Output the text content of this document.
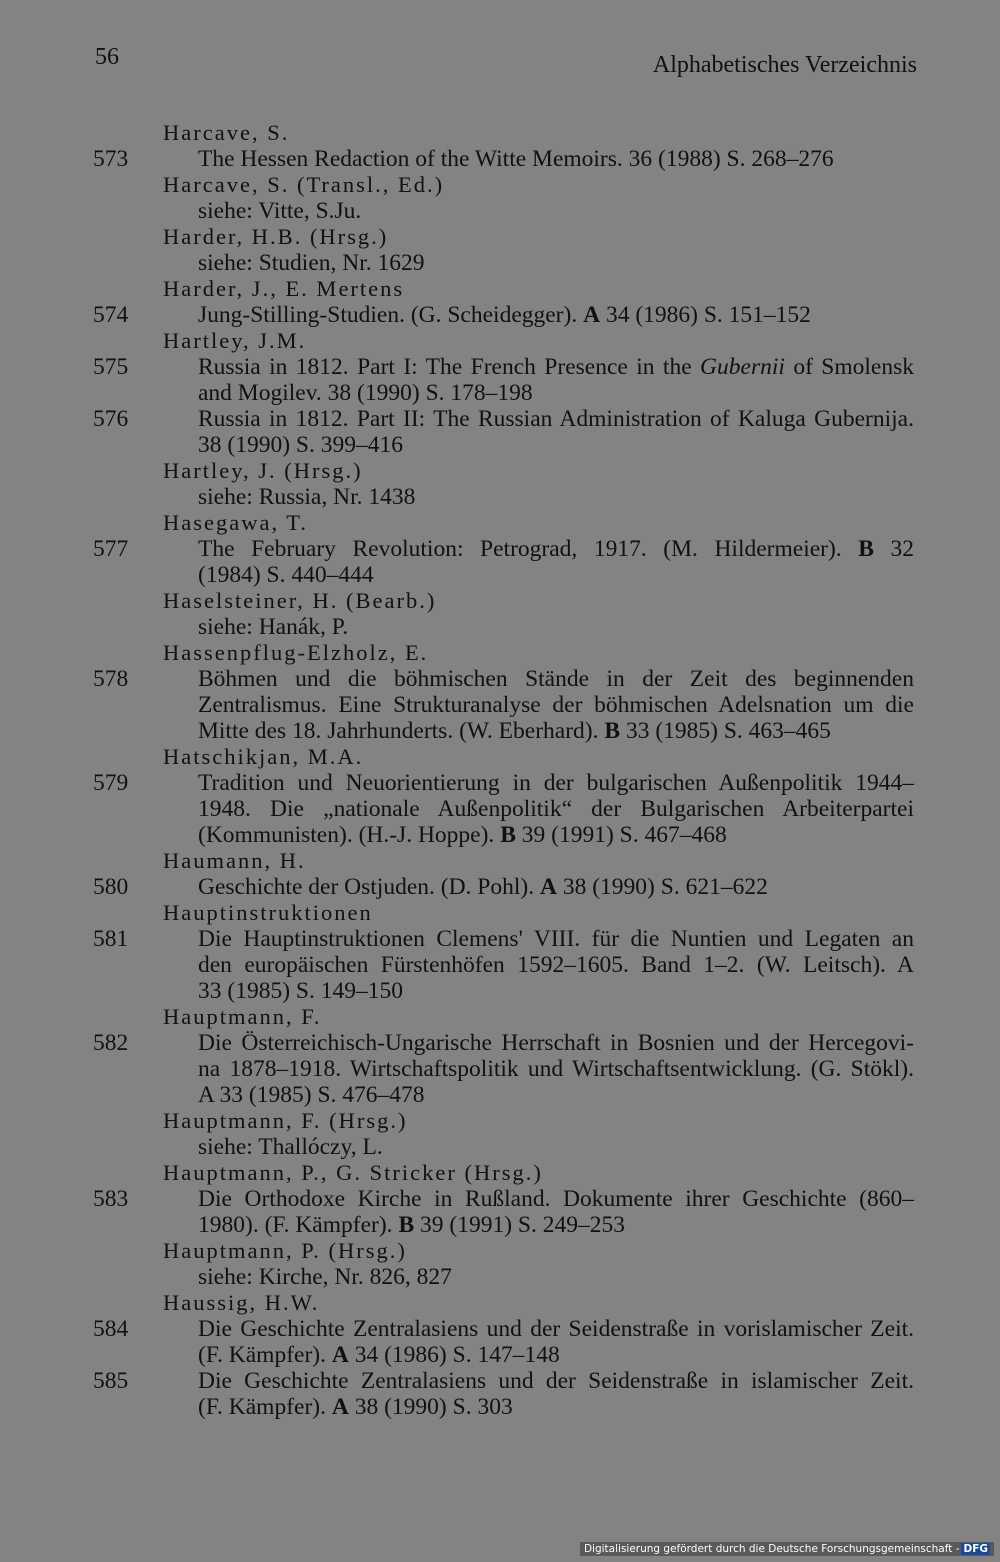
56	Alphabetisches Verzeichnis
Harcave, S.
573	The Hessen Redaction of the Witte Memoirs. 36 (1988) S. 268–276
Harcave, S. (Transl., Ed.)
siehe: Vitte, S.Ju.
Harder, H.B. (Hrsg.)
siehe: Studien, Nr. 1629
Harder, J., E. Mertens
574	Jung-Stilling-Studien. (G. Scheidegger). A 34 (1986) S. 151–152
Hartley, J.M.
575	Russia in 1812. Part I: The French Presence in the Gubernii of Smolensk
and Mogilev. 38 (1990) S. 178–198
576	Russia in 1812. Part II: The Russian Administration of Kaluga Gubernija.
38 (1990) S. 399–416
Hartley, J. (Hrsg.)
siehe: Russia, Nr. 1438
Hasegawa, T.
577	The February Revolution: Petrograd, 1917. (M. Hildermeier). B 32
(1984) S. 440–444
Haselsteiner, H. (Bearb.)
siehe: Hanák, P.
Hassenpflug-Elzholz, E.
578	Böhmen und die böhmischen Stände in der Zeit des beginnenden
Zentralismus. Eine Strukturanalyse der böhmischen Adelsnation um die
Mitte des 18. Jahrhunderts. (W. Eberhard). B 33 (1985) S. 463–465
Hatschikjan, M.A.
579	Tradition und Neuorientierung in der bulgarischen Außenpolitik 1944–
1948. Die „nationale Außenpolitik“ der Bulgarischen Arbeiterpartei
(Kommunisten). (H.-J. Hoppe). B 39 (1991) S. 467–468
Haumann, H.
580	Geschichte der Ostjuden. (D. Pohl). A 38 (1990) S. 621–622
Hauptinstruktionen
581	Die Hauptinstruktionen Clemens' VIII. für die Nuntien und Legaten an
den europäischen Fürstenhöfen 1592–1605. Band 1–2. (W. Leitsch). A
33 (1985) S. 149–150
Hauptmann, F.
582	Die Österreichisch-Ungarische Herrschaft in Bosnien und der Hercegovi-
na 1878–1918. Wirtschaftspolitik und Wirtschaftsentwicklung. (G. Stökl).
A 33 (1985) S. 476–478
Hauptmann, F. (Hrsg.)
siehe: Thallóczy, L.
Hauptmann, P., G. Stricker (Hrsg.)
583	Die Orthodoxe Kirche in Rußland. Dokumente ihrer Geschichte (860–
1980). (F. Kämpfer). B 39 (1991) S. 249–253
Hauptmann, P. (Hrsg.)
siehe: Kirche, Nr. 826, 827
Haussig, H.W.
584	Die Geschichte Zentralasiens und der Seidenstraße in vorislamischer Zeit.
(F. Kämpfer). A 34 (1986) S. 147–148
585	Die Geschichte Zentralasiens und der Seidenstraße in islamischer Zeit.
(F. Kämpfer). A 38 (1990) S. 303
Digitalisierung gefördert durch die Deutsche Forschungsgemeinschaft - DFG
